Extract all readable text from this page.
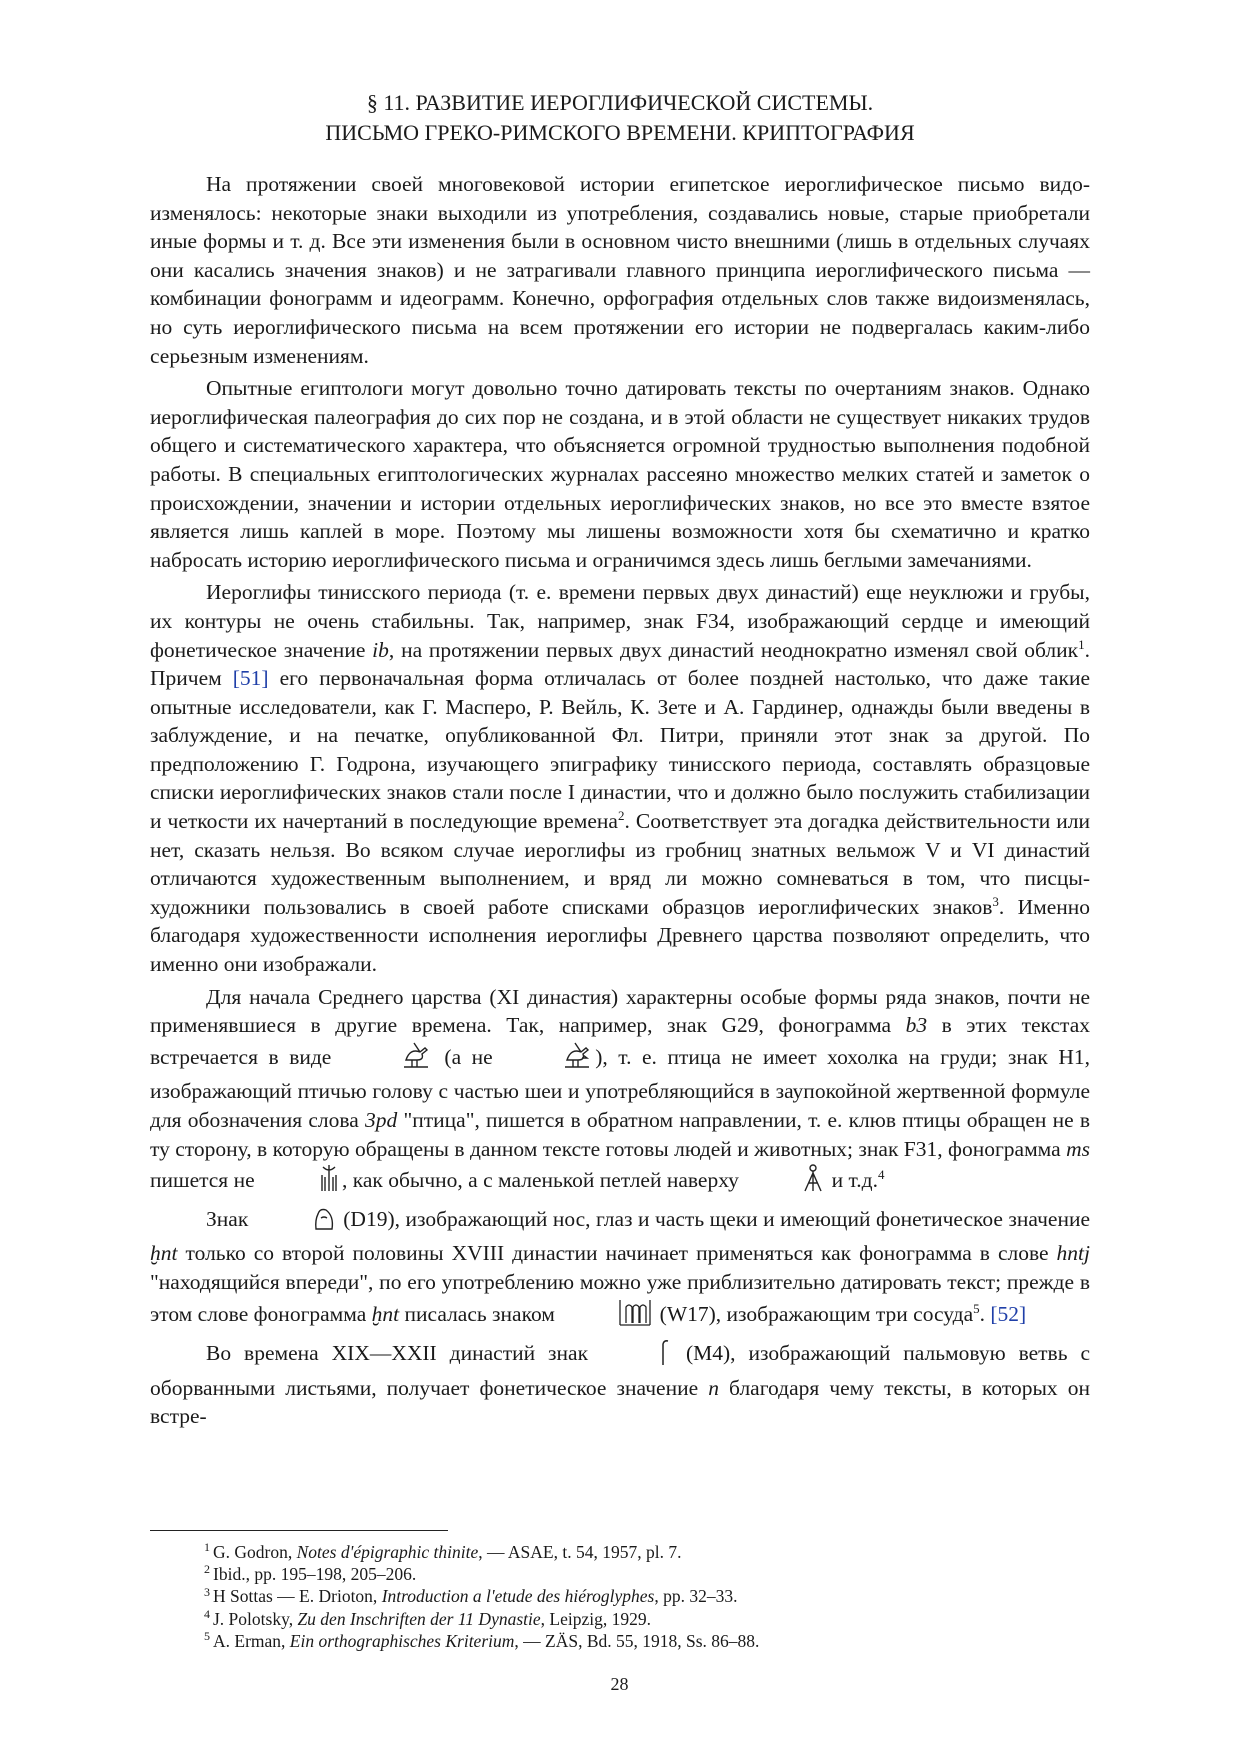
§ 11. РАЗВИТИЕ ИЕРОГЛИФИЧЕСКОЙ СИСТЕМЫ.
ПИСЬМО ГРЕКО-РИМСКОГО ВРЕМЕНИ. КРИПТОГРАФИЯ

На протяжении своей многовековой истории египетское иероглифическое письмо видоизменялось: некоторые знаки выходили из употребления, создавались новые, старые приобретали иные формы и т. д. Все эти изменения были в основном чисто внешними (лишь в отдельных случаях они касались значения знаков) и не затрагивали главного принципа иероглифического письма — комбинации фонограмм и идеограмм. Конечно, орфография отдельных слов также видоизменялась, но суть иероглифического письма на всем протяжении его истории не подвергалась каким-либо серьезным изменениям.

Опытные египтологи могут довольно точно датировать тексты по очертаниям знаков. Однако иероглифическая палеография до сих пор не создана, и в этой области не существует никаких трудов общего и систематического характера, что объясняется огромной трудностью выполнения подобной работы. В специальных египтологических журналах рассеяно множество мелких статей и заметок о происхождении, значении и истории отдельных иероглифических знаков, но все это вместе взятое является лишь каплей в море. Поэтому мы лишены возможности хотя бы схематично и кратко набросать историю иероглифического письма и ограничимся здесь лишь беглыми замечаниями.

Иероглифы тинисского периода (т. е. времени первых двух династий) еще неуклюжи и грубы, их контуры не очень стабильны. Так, например, знак F34, изображающий сердце и имеющий фонетическое значение ib, на протяжении первых двух династий неоднократно изменял свой облик$^1$. Причем [51] его первоначальная форма отличалась от более поздней настолько, что даже такие опытные исследователи, как Г. Масперо, Р. Вейль, К. Зете и А. Гардинер, однажды были введены в заблуждение, и на печатке, опубликованной Фл. Питри, приняли этот знак за другой. По предположению Г. Годрона, изучающего эпиграфику тинисского периода, составлять образцовые списки иероглифических знаков стали после I династии, что и должно было послужить стабилизации и четкости их начертаний в последующие времена$^2$. Соответствует эта догадка действительности или нет, сказать нельзя. Во всяком случае иероглифы из гробниц знатных вельмож V и VI династий отличаются художественным выполнением, и вряд ли можно сомневаться в том, что писцы-художники пользовались в своей работе списками образцов иероглифических знаков$^3$. Именно благодаря художественности исполнения иероглифы Древнего царства позволяют определить, что именно они изображали.

Для начала Среднего царства (XI династия) характерны особые формы ряда знаков, почти не применявшиеся в другие времена. Так, например, знак G29, фонограмма b3 в этих текстах встречается в виде	(а не	), т. е. птица не имеет хохолка на груди; знак H1, изображающий птичью голову с частью шеи и употребляющийся в заупокойной жертвенной формуле для обозначения слова 3pd "птица", пишется в обратном направлении, т. е. клюв птицы обращен не в ту сторону, в которую обращены в данном тексте готовы людей и животных; знак F31, фонограмма ms пишется не	, как обычно, а с маленькой петлей наверху	и т.д.$^4$

Знак	(D19), изображающий нос, глаз и часть щеки и имеющий фонетическое значение ḫnt только со второй половины XVIII династии начинает применяться как фонограмма в слове hntj "находящийся впереди", по его употреблению можно уже приблизительно датировать текст; прежде в этом слове фонограмма ḫnt писалась знаком	(W17), изображающим три сосуда$^5$. [52]

Во времена XIX—XXII династий знак	(M4), изображающий пальмовую ветвь с оборванными листьями, получает фонетическое значение n благодаря чему тексты, в которых он встре-

$^1$ G. Godron, Notes d'épigraphic thinite, — ASAE, t. 54, 1957, pl. 7.
$^2$ Ibid., pp. 195–198, 205–206.
$^3$ H Sottas — E. Drioton, Introduction a l'etude des hiéroglyphes, pp. 32–33.
$^4$ J. Polotsky, Zu den Inschriften der 11 Dynastie, Leipzig, 1929.
$^5$ A. Erman, Ein orthographisches Kriterium, — ZÄS, Bd. 55, 1918, Ss. 86–88.
28
